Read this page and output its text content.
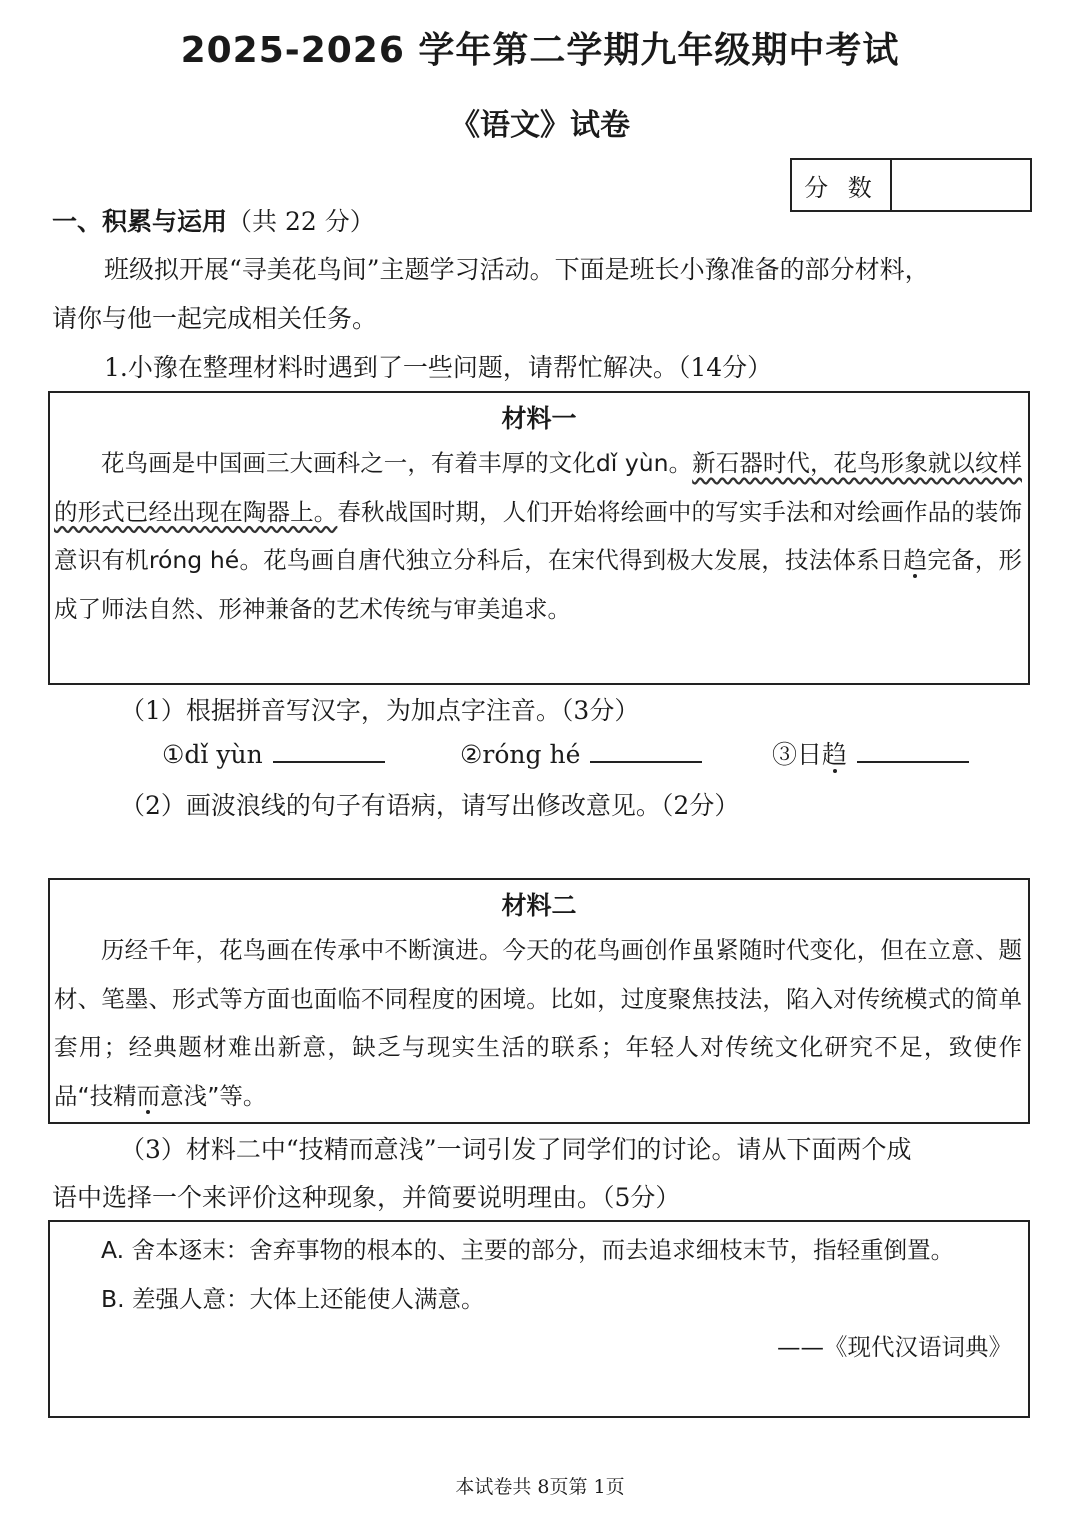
2025-2026 学年第二学期九年级期中考试
《语文》试卷
分 数
一、积累与运用（共 22 分）
班级拟开展“寻美花鸟间”主题学习活动。下面是班长小豫准备的部分材料，
请你与他一起完成相关任务。
1.小豫在整理材料时遇到了一些问题，请帮忙解决。（14分）
材料一
花鸟画是中国画三大画科之一，有着丰厚的文化dǐ yùn。新石器时代，花鸟形象就以纹样的形式已经出现在陶器上。春秋战国时期，人们开始将绘画中的写实手法和对绘画作品的装饰意识有机róng hé。花鸟画自唐代独立分科后，在宋代得到极大发展，技法体系日趋完备，形成了师法自然、形神兼备的艺术传统与审美追求。
（1）根据拼音写汉字，为加点字注音。（3分）
①dǐ yùn	②róng hé	③日趋
（2）画波浪线的句子有语病，请写出修改意见。（2分）
材料二
历经千年，花鸟画在传承中不断演进。今天的花鸟画创作虽紧随时代变化，但在立意、题材、笔墨、形式等方面也面临不同程度的困境。比如，过度聚焦技法，陷入对传统模式的简单套用；经典题材难出新意，缺乏与现实生活的联系；年轻人对传统文化研究不足，致使作品“技精而意浅”等。
（3）材料二中“技精而意浅”一词引发了同学们的讨论。请从下面两个成
语中选择一个来评价这种现象，并简要说明理由。（5分）
A. 舍本逐末：舍弃事物的根本的、主要的部分，而去追求细枝末节，指轻重倒置。
B. 差强人意：大体上还能使人满意。
——《现代汉语词典》
本试卷共 8页第 1页
